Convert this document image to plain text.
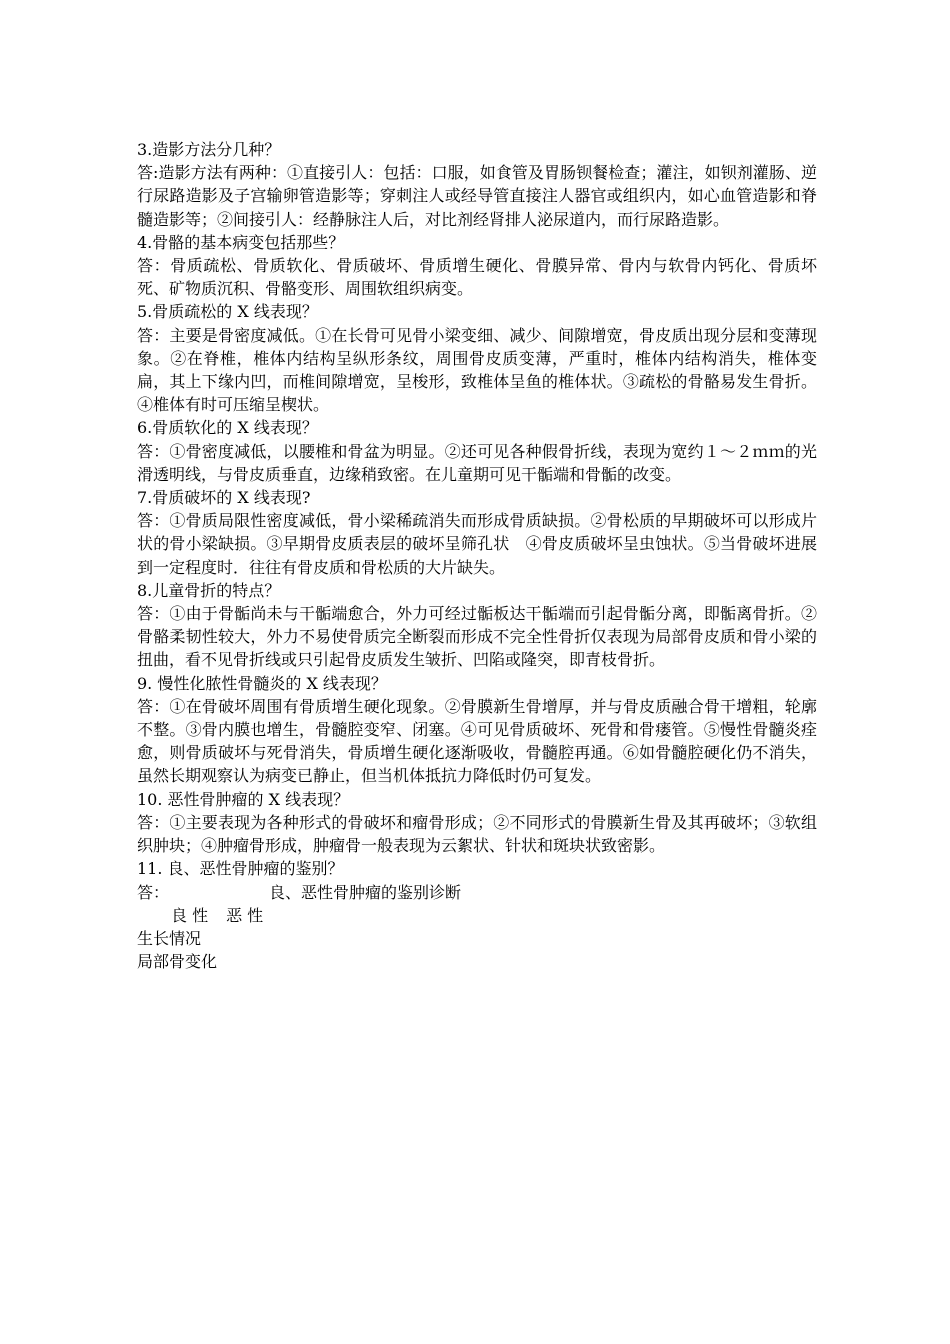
3.造影方法分几种？

答:造影方法有两种：①直接引人：包括：口服，如食管及胃肠钡餐检查；灌注，如钡剂灌肠、逆行尿路造影及子宫输卵管造影等；穿刺注人或经导管直接注人器官或组织内，如心血管造影和脊髓造影等；②间接引人：经静脉注人后，对比剂经肾排人泌尿道内，而行尿路造影。

4.骨骼的基本病变包括那些？

答：骨质疏松、骨质软化、骨质破坏、骨质增生硬化、骨膜异常、骨内与软骨内钙化、骨质坏死、矿物质沉积、骨骼变形、周围软组织病变。

5.骨质疏松的 X 线表现？

答：主要是骨密度减低。①在长骨可见骨小梁变细、减少、间隙增宽，骨皮质出现分层和变薄现象。②在脊椎，椎体内结构呈纵形条纹，周围骨皮质变薄，严重时，椎体内结构消失，椎体变扁，其上下缘内凹，而椎间隙增宽，呈梭形，致椎体呈鱼的椎体状。③疏松的骨骼易发生骨折。④椎体有时可压缩呈楔状。

6.骨质软化的 X 线表现？

答：①骨密度减低，以腰椎和骨盆为明显。②还可见各种假骨折线，表现为宽约１～２ｍｍ的光滑透明线，与骨皮质垂直，边缘稍致密。在儿童期可见干骺端和骨骺的改变。

7.骨质破坏的 X 线表现?

答：①骨质局限性密度减低，骨小梁稀疏消失而形成骨质缺损。②骨松质的早期破坏可以形成片状的骨小梁缺损。③早期骨皮质表层的破坏呈筛孔状　④骨皮质破坏呈虫蚀状。⑤当骨破坏进展到一定程度时．往往有骨皮质和骨松质的大片缺失。

8.儿童骨折的特点？

答：①由于骨骺尚未与干骺端愈合，外力可经过骺板达干骺端而引起骨骺分离，即骺离骨折。②骨骼柔韧性较大，外力不易使骨质完全断裂而形成不完全性骨折仅表现为局部骨皮质和骨小梁的扭曲，看不见骨折线或只引起骨皮质发生皱折、凹陷或隆突，即青枝骨折。

9. 慢性化脓性骨髓炎的 X 线表现？

答：①在骨破坏周围有骨质增生硬化现象。②骨膜新生骨增厚，并与骨皮质融合骨干增粗，轮廓不整。③骨内膜也增生，骨髓腔变窄、闭塞。④可见骨质破坏、死骨和骨瘘管。⑤慢性骨髓炎痊愈，则骨质破坏与死骨消失，骨质增生硬化逐渐吸收，骨髓腔再通。⑥如骨髓腔硬化仍不消失，虽然长期观察认为病变已静止，但当机体抵抗力降低时仍可复发。

10. 恶性骨肿瘤的 X 线表现？

答：①主要表现为各种形式的骨破坏和瘤骨形成；②不同形式的骨膜新生骨及其再破坏；③软组织肿块；④肿瘤骨形成，肿瘤骨一般表现为云絮状、针状和斑块状致密影。

11. 良、恶性骨肿瘤的鉴别？

答：	良、恶性骨肿瘤的鉴别诊断

良 性 恶 性

生长情况

局部骨变化
